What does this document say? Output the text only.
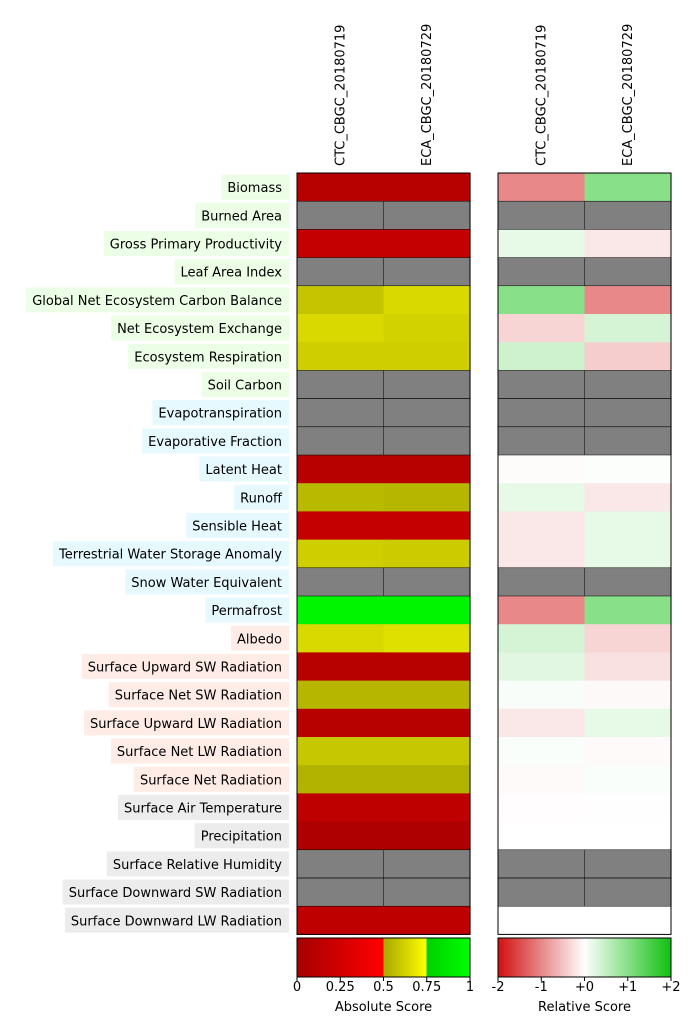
Biomass
Burned Area
Gross Primary Productivity
Leaf Area Index
Global Net Ecosystem Carbon Balance
Net Ecosystem Exchange
Ecosystem Respiration
Soil Carbon
Evapotranspiration
Evaporative Fraction
Latent Heat
Runoff
Sensible Heat
Terrestrial Water Storage Anomaly
Snow Water Equivalent
Permafrost
Albedo
Surface Upward SW Radiation
Surface Net SW Radiation
Surface Upward LW Radiation
Surface Net LW Radiation
Surface Net Radiation
Surface Air Temperature
Precipitation
Surface Relative Humidity
Surface Downward SW Radiation
Surface Downward LW Radiation
CTC_CBGC_20180719	ECA_CBGC_20180729	CTC_CBGC_20180719	ECA_CBGC_20180729
0 0.25 0.5 0.75 1
Absolute Score
-2 -1 +0 +1 +2
Relative Score
